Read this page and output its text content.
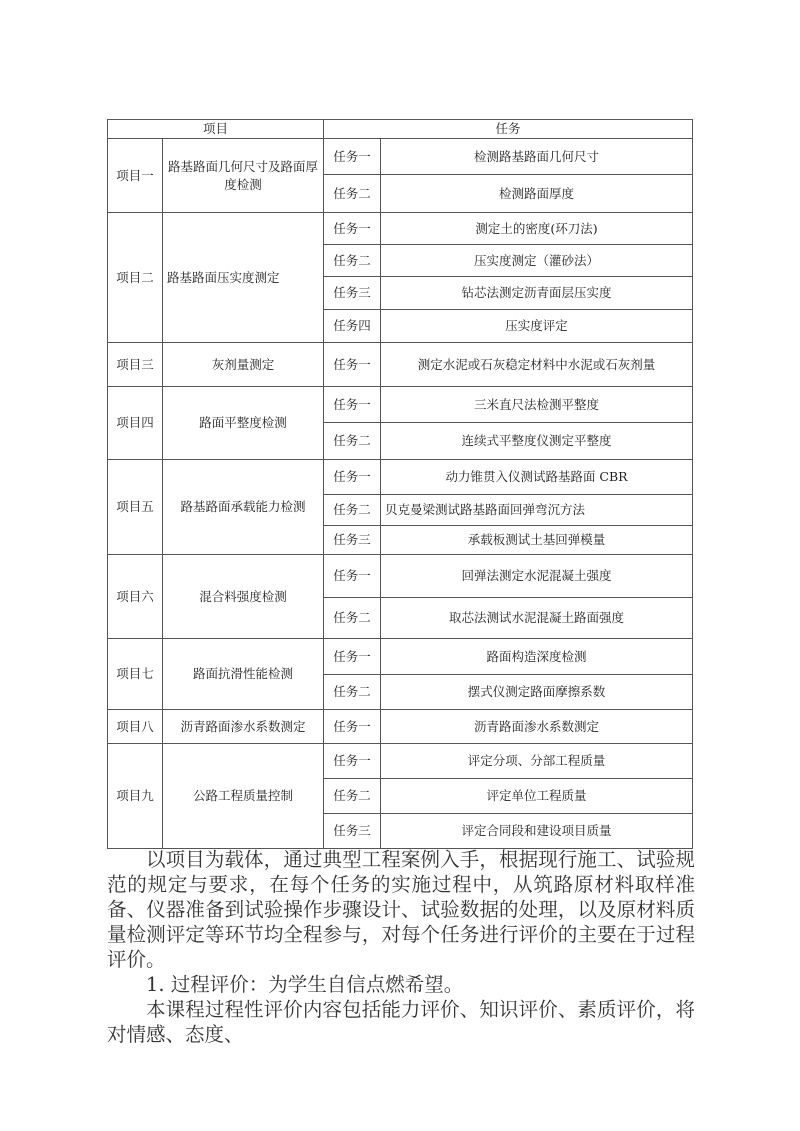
项目		任务	
项目一	路基路面几何尺寸及路面厚度检测	任务一	检测路基路面几何尺寸
		任务二	检测路面厚度
项目二	路基路面压实度测定	任务一	测定土的密度(环刀法)
		任务二	压实度测定（灌砂法）
		任务三	钻芯法测定沥青面层压实度
		任务四	压实度评定
项目三	灰剂量测定	任务一	测定水泥或石灰稳定材料中水泥或石灰剂量
项目四	路面平整度检测	任务一	三米直尺法检测平整度
		任务二	连续式平整度仪测定平整度
项目五	路基路面承载能力检测	任务一	动力锥贯入仪测试路基路面 CBR
		任务二	贝克曼梁测试路基路面回弹弯沉方法
		任务三	承载板测试土基回弹模量
项目六	混合料强度检测	任务一	回弹法测定水泥混凝土强度
		任务二	取芯法测试水泥混凝土路面强度
项目七	路面抗滑性能检测	任务一	路面构造深度检测
		任务二	摆式仪测定路面摩擦系数
项目八	沥青路面渗水系数测定	任务一	沥青路面渗水系数测定
项目九	公路工程质量控制	任务一	评定分项、分部工程质量
		任务二	评定单位工程质量
		任务三	评定合同段和建设项目质量

以项目为载体，通过典型工程案例入手，根据现行施工、试验规范的规定与要求，在每个任务的实施过程中，从筑路原材料取样准备、仪器准备到试验操作步骤设计、试验数据的处理，以及原材料质量检测评定等环节均全程参与，对每个任务进行评价的主要在于过程评价。

1. 过程评价：为学生自信点燃希望。

本课程过程性评价内容包括能力评价、知识评价、素质评价，将对情感、态度、
